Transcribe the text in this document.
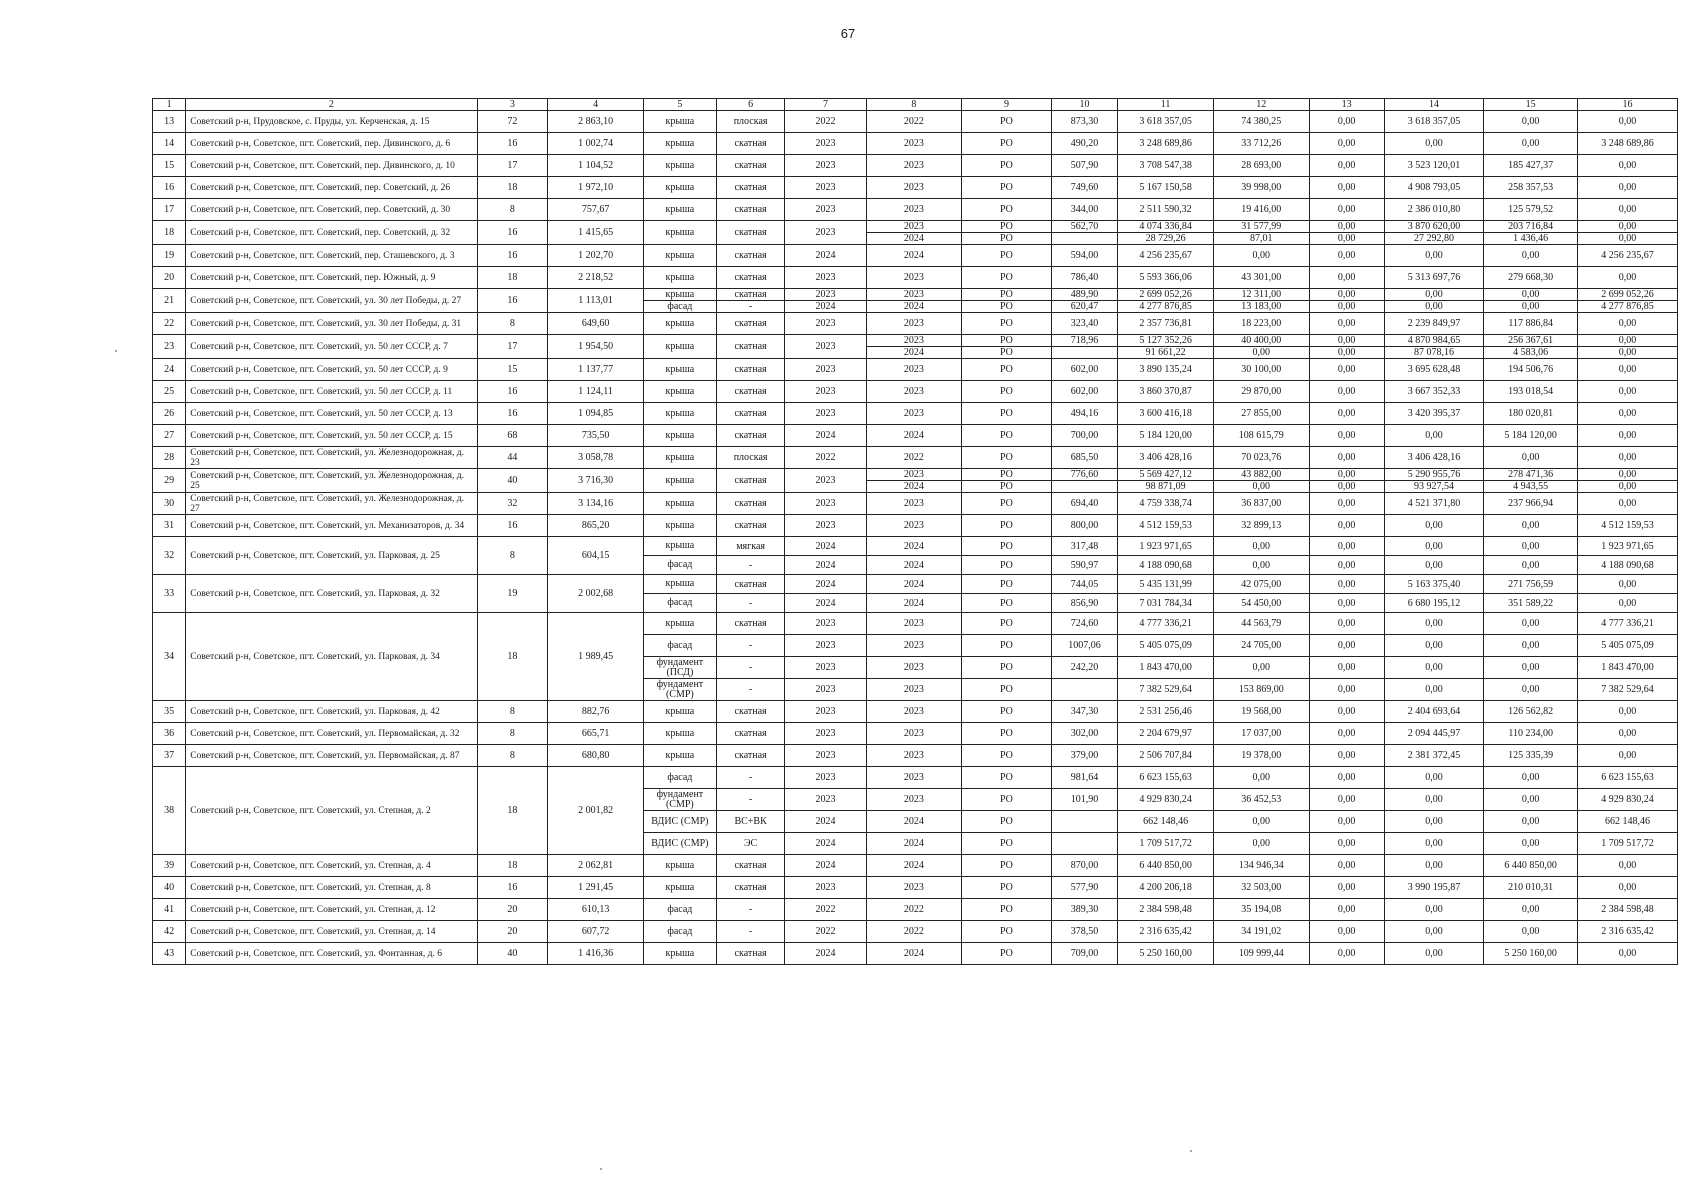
67
1	2	3	4	5	6	7	8	9	10	11	12	13	14	15	16
13	Советский р-н, Прудовское, с. Пруды, ул. Керченская, д. 15	72	2 863,10	крыша	плоская	2022	2022	РО	873,30	3 618 357,05	74 380,25	0,00	3 618 357,05	0,00	0,00
14	Советский р-н, Советское, пгт. Советский, пер. Дивинского, д. 6	16	1 002,74	крыша	скатная	2023	2023	РО	490,20	3 248 689,86	33 712,26	0,00	0,00	0,00	3 248 689,86
15	Советский р-н, Советское, пгт. Советский, пер. Дивинского, д. 10	17	1 104,52	крыша	скатная	2023	2023	РО	507,90	3 708 547,38	28 693,00	0,00	3 523 120,01	185 427,37	0,00
16	Советский р-н, Советское, пгт. Советский, пер. Советский, д. 26	18	1 972,10	крыша	скатная	2023	2023	РО	749,60	5 167 150,58	39 998,00	0,00	4 908 793,05	258 357,53	0,00
17	Советский р-н, Советское, пгт. Советский, пер. Советский, д. 30	8	757,67	крыша	скатная	2023	2023	РО	344,00	2 511 590,32	19 416,00	0,00	2 386 010,80	125 579,52	0,00
18	Советский р-н, Советское, пгт. Советский, пер. Советский, д. 32	16	1 415,65	крыша	скатная	2023	2023	РО	562,70	4 074 336,84	31 577,99	0,00	3 870 620,00	203 716,84	0,00
							2024	РО		28 729,26	87,01	0,00	27 292,80	1 436,46	0,00
19	Советский р-н, Советское, пгт. Советский, пер. Сташевского, д. 3	16	1 202,70	крыша	скатная	2024	2024	РО	594,00	4 256 235,67	0,00	0,00	0,00	0,00	4 256 235,67
20	Советский р-н, Советское, пгт. Советский, пер. Южный, д. 9	18	2 218,52	крыша	скатная	2023	2023	РО	786,40	5 593 366,06	43 301,00	0,00	5 313 697,76	279 668,30	0,00
21	Советский р-н, Советское, пгт. Советский, ул. 30 лет Победы, д. 27	16	1 113,01	крыша	скатная	2023	2023	РО	489,90	2 699 052,26	12 311,00	0,00	0,00	0,00	2 699 052,26
				фасад	-	2024	2024	РО	620,47	4 277 876,85	13 183,00	0,00	0,00	0,00	4 277 876,85
22	Советский р-н, Советское, пгт. Советский, ул. 30 лет Победы, д. 31	8	649,60	крыша	скатная	2023	2023	РО	323,40	2 357 736,81	18 223,00	0,00	2 239 849,97	117 886,84	0,00
23	Советский р-н, Советское, пгт. Советский, ул. 50 лет СССР, д. 7	17	1 954,50	крыша	скатная	2023	2023	РО	718,96	5 127 352,26	40 400,00	0,00	4 870 984,65	256 367,61	0,00
							2024	РО		91 661,22	0,00	0,00	87 078,16	4 583,06	0,00
24	Советский р-н, Советское, пгт. Советский, ул. 50 лет СССР, д. 9	15	1 137,77	крыша	скатная	2023	2023	РО	602,00	3 890 135,24	30 100,00	0,00	3 695 628,48	194 506,76	0,00
25	Советский р-н, Советское, пгт. Советский, ул. 50 лет СССР, д. 11	16	1 124,11	крыша	скатная	2023	2023	РО	602,00	3 860 370,87	29 870,00	0,00	3 667 352,33	193 018,54	0,00
26	Советский р-н, Советское, пгт. Советский, ул. 50 лет СССР, д. 13	16	1 094,85	крыша	скатная	2023	2023	РО	494,16	3 600 416,18	27 855,00	0,00	3 420 395,37	180 020,81	0,00
27	Советский р-н, Советское, пгт. Советский, ул. 50 лет СССР, д. 15	68	735,50	крыша	скатная	2024	2024	РО	700,00	5 184 120,00	108 615,79	0,00	0,00	5 184 120,00	0,00
28	Советский р-н, Советское, пгт. Советский, ул. Железнодорожная, д. 23	44	3 058,78	крыша	плоская	2022	2022	РО	685,50	3 406 428,16	70 023,76	0,00	3 406 428,16	0,00	0,00
29	Советский р-н, Советское, пгт. Советский, ул. Железнодорожная, д. 25	40	3 716,30	крыша	скатная	2023	2023	РО	776,60	5 569 427,12	43 882,00	0,00	5 290 955,76	278 471,36	0,00
							2024	РО		98 871,09	0,00	0,00	93 927,54	4 943,55	0,00
30	Советский р-н, Советское, пгт. Советский, ул. Железнодорожная, д. 27	32	3 134,16	крыша	скатная	2023	2023	РО	694,40	4 759 338,74	36 837,00	0,00	4 521 371,80	237 966,94	0,00
31	Советский р-н, Советское, пгт. Советский, ул. Механизаторов, д. 34	16	865,20	крыша	скатная	2023	2023	РО	800,00	4 512 159,53	32 899,13	0,00	0,00	0,00	4 512 159,53
32	Советский р-н, Советское, пгт. Советский, ул. Парковая, д. 25	8	604,15	крыша	мягкая	2024	2024	РО	317,48	1 923 971,65	0,00	0,00	0,00	0,00	1 923 971,65
				фасад	-	2024	2024	РО	590,97	4 188 090,68	0,00	0,00	0,00	0,00	4 188 090,68
33	Советский р-н, Советское, пгт. Советский, ул. Парковая, д. 32	19	2 002,68	крыша	скатная	2024	2024	РО	744,05	5 435 131,99	42 075,00	0,00	5 163 375,40	271 756,59	0,00
				фасад	-	2024	2024	РО	856,90	7 031 784,34	54 450,00	0,00	6 680 195,12	351 589,22	0,00
34	Советский р-н, Советское, пгт. Советский, ул. Парковая, д. 34	18	1 989,45	крыша	скатная	2023	2023	РО	724,60	4 777 336,21	44 563,79	0,00	0,00	0,00	4 777 336,21
				фасад	-	2023	2023	РО	1007,06	5 405 075,09	24 705,00	0,00	0,00	0,00	5 405 075,09
				фундамент (ПСД)	-	2023	2023	РО	242,20	1 843 470,00	0,00	0,00	0,00	0,00	1 843 470,00
				фундамент (СМР)	-	2023	2023	РО		7 382 529,64	153 869,00	0,00	0,00	0,00	7 382 529,64
35	Советский р-н, Советское, пгт. Советский, ул. Парковая, д. 42	8	882,76	крыша	скатная	2023	2023	РО	347,30	2 531 256,46	19 568,00	0,00	2 404 693,64	126 562,82	0,00
36	Советский р-н, Советское, пгт. Советский, ул. Первомайская, д. 32	8	665,71	крыша	скатная	2023	2023	РО	302,00	2 204 679,97	17 037,00	0,00	2 094 445,97	110 234,00	0,00
37	Советский р-н, Советское, пгт. Советский, ул. Первомайская, д. 87	8	680,80	крыша	скатная	2023	2023	РО	379,00	2 506 707,84	19 378,00	0,00	2 381 372,45	125 335,39	0,00
38	Советский р-н, Советское, пгт. Советский, ул. Степная, д. 2	18	2 001,82	фасад	-	2023	2023	РО	981,64	6 623 155,63	0,00	0,00	0,00	0,00	6 623 155,63
				фундамент (СМР)	-	2023	2023	РО	101,90	4 929 830,24	36 452,53	0,00	0,00	0,00	4 929 830,24
				ВДИС (СМР)	ВС+ВК	2024	2024	РО		662 148,46	0,00	0,00	0,00	0,00	662 148,46
				ВДИС (СМР)	ЭС	2024	2024	РО		1 709 517,72	0,00	0,00	0,00	0,00	1 709 517,72
39	Советский р-н, Советское, пгт. Советский, ул. Степная, д. 4	18	2 062,81	крыша	скатная	2024	2024	РО	870,00	6 440 850,00	134 946,34	0,00	0,00	6 440 850,00	0,00
40	Советский р-н, Советское, пгт. Советский, ул. Степная, д. 8	16	1 291,45	крыша	скатная	2023	2023	РО	577,90	4 200 206,18	32 503,00	0,00	3 990 195,87	210 010,31	0,00
41	Советский р-н, Советское, пгт. Советский, ул. Степная, д. 12	20	610,13	фасад	-	2022	2022	РО	389,30	2 384 598,48	35 194,08	0,00	0,00	0,00	2 384 598,48
42	Советский р-н, Советское, пгт. Советский, ул. Степная, д. 14	20	607,72	фасад	-	2022	2022	РО	378,50	2 316 635,42	34 191,02	0,00	0,00	0,00	2 316 635,42
43	Советский р-н, Советское, пгт. Советский, ул. Фонтанная, д. 6	40	1 416,36	крыша	скатная	2024	2024	РО	709,00	5 250 160,00	109 999,44	0,00	0,00	5 250 160,00	0,00
